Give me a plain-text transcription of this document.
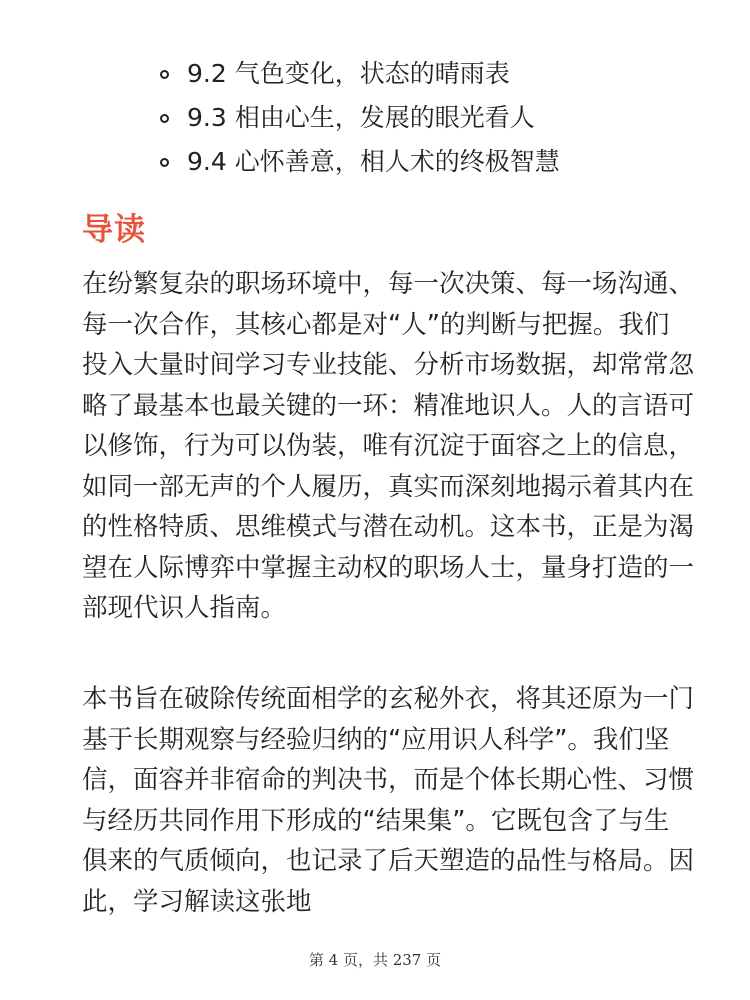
9.2 气色变化，状态的晴雨表
9.3 相由心生，发展的眼光看人
9.4 心怀善意，相人术的终极智慧
导读

在纷繁复杂的职场环境中，每一次决策、每一场沟通、每一次合作，其核心都是对“人”的判断与把握。我们投入大量时间学习专业技能、分析市场数据，却常常忽略了最基本也最关键的一环：精准地识人。人的言语可以修饰，行为可以伪装，唯有沉淀于面容之上的信息，如同一部无声的个人履历，真实而深刻地揭示着其内在的性格特质、思维模式与潜在动机。这本书，正是为渴望在人际博弈中掌握主动权的职场人士，量身打造的一部现代识人指南。

本书旨在破除传统面相学的玄秘外衣，将其还原为一门基于长期观察与经验归纳的“应用识人科学”。我们坚信，面容并非宿命的判决书，而是个体长期心性、习惯与经历共同作用下形成的“结果集”。它既包含了与生俱来的气质倾向，也记录了后天塑造的品性与格局。因此，学习解读这张地

第 4 页，共 237 页
